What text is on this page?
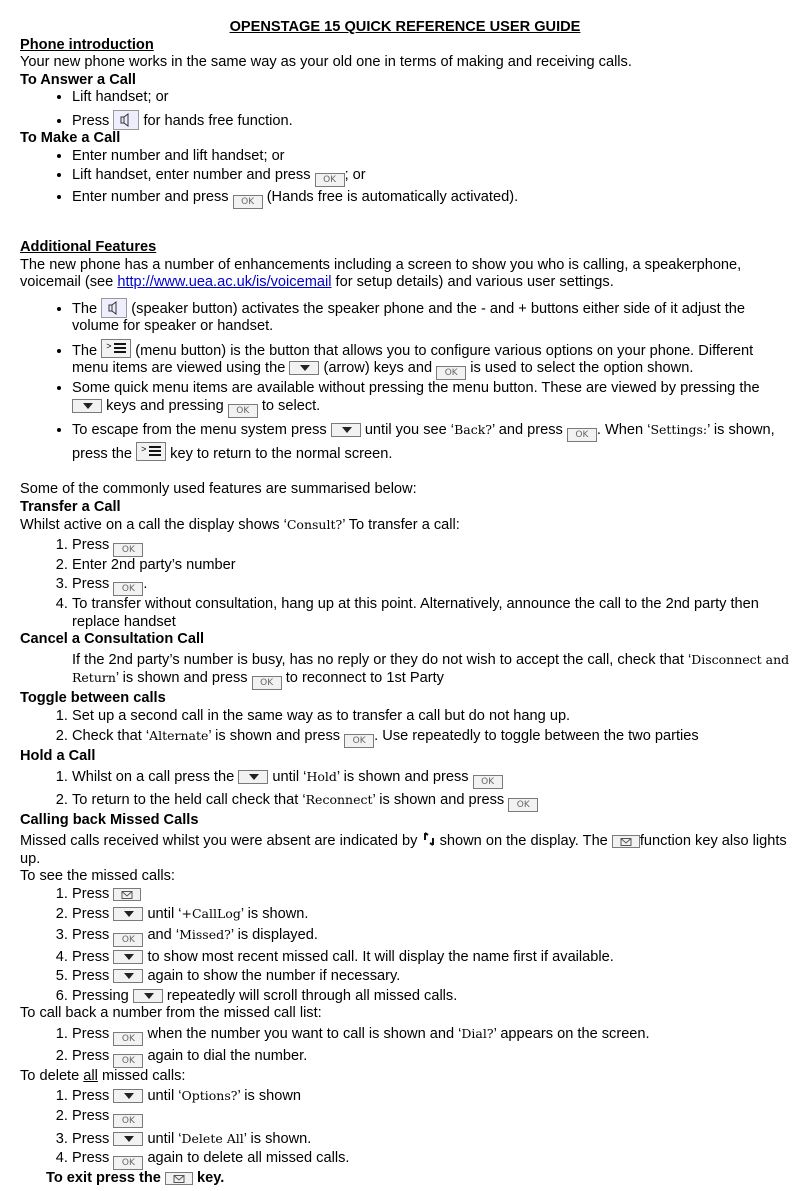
OPENSTAGE 15 QUICK REFERENCE USER GUIDE

Phone introduction

Your new phone works in the same way as your old one in terms of making and receiving calls.

To Answer a Call

• Lift handset; or
• Press for hands free function.

To Make a Call

• Enter number and lift handset; or
• Lift handset, enter number and press OK ; or
• Enter number and press OK (Hands free is automatically activated).

Additional Features

The new phone has a number of enhancements including a screen to show you who is calling, a speakerphone, voicemail (see http://www.uea.ac.uk/is/voicemail for setup details) and various user settings.

• The (speaker button) activates the speaker phone and the - and + buttons either side of it adjust the volume for speaker or handset.
• The > (menu button) is the button that allows you to configure various options on your phone. Different menu items are viewed using the	(arrow) keys and OK is used to select the option shown.
• Some quick menu items are available without pressing the menu button. These are viewed by pressing the  keys and pressing OK to select.
• To escape from the menu system press	until you see ‘Back?’ and press OK . When ‘Settings:’ is shown, press the > key to return to the normal screen.

Some of the commonly used features are summarised below:

Transfer a Call

Whilst active on a call the display shows ‘Consult?’ To transfer a call:

1. Press OK
2. Enter 2nd party’s number
3. Press OK .
4. To transfer without consultation, hang up at this point. Alternatively, announce the call to the 2nd party then replace handset

Cancel a Consultation Call

If the 2nd party’s number is busy, has no reply or they do not wish to accept the call, check that ‘Disconnect and Return’ is shown and press OK to reconnect to 1st Party

Toggle between calls

1. Set up a second call in the same way as to transfer a call but do not hang up.
2. Check that ‘Alternate’ is shown and press OK . Use repeatedly to toggle between the two parties

Hold a Call

1. Whilst on a call press the	until ‘Hold’ is shown and press OK
2. To return to the held call check that ‘Reconnect’ is shown and press OK

Calling back Missed Calls

Missed calls received whilst you were absent are indicated by shown on the display. The function key also lights up.

To see the missed calls:

1. Press
2. Press	until ‘+CallLog’ is shown.
3. Press OK and ‘Missed?’ is displayed.
4. Press	to show most recent missed call. It will display the name first if available.
5. Press	again to show the number if necessary.
6. Pressing	repeatedly will scroll through all missed calls.

To call back a number from the missed call list:

1. Press OK when the number you want to call is shown and ‘Dial?’ appears on the screen.
2. Press OK again to dial the number.

To delete all missed calls:

1. Press	until ‘Options?’ is shown
2. Press OK
3. Press	until ‘Delete All’ is shown.
4. Press OK again to delete all missed calls.

To exit press the key.
